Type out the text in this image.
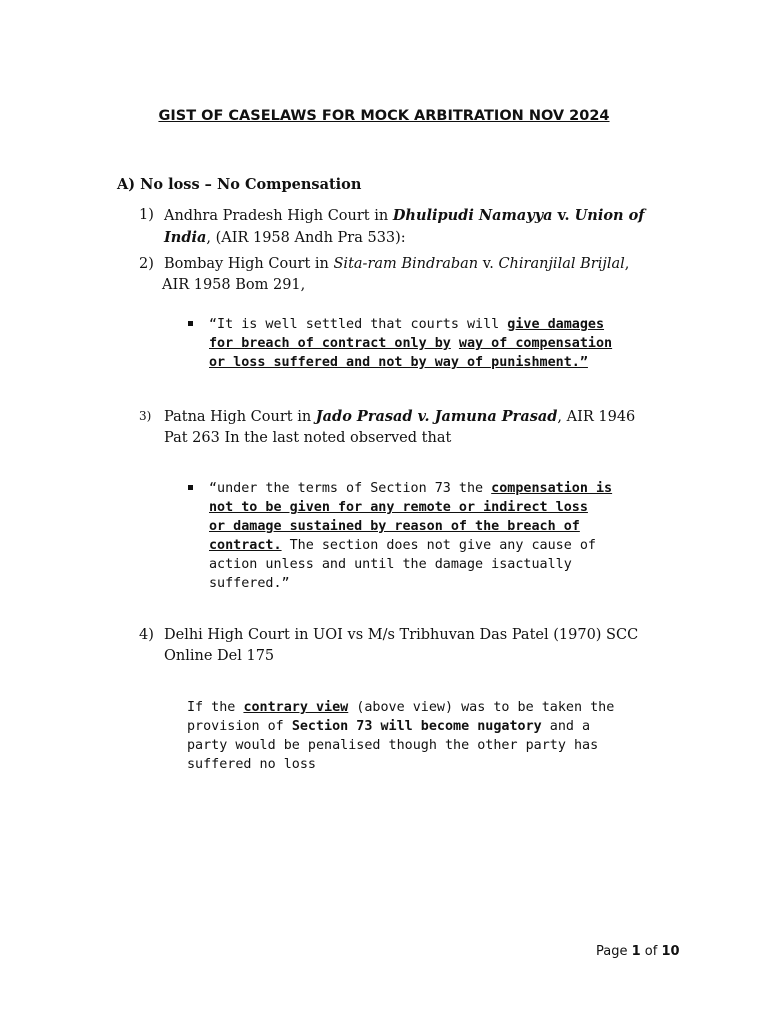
GIST OF CASELAWS FOR MOCK ARBITRATION NOV 2024
A) No loss – No Compensation
1) Andhra Pradesh High Court in Dhulipudi Namayya v. Union of
India, (AIR 1958 Andh Pra 533):
2) Bombay High Court in Sita-ram Bindraban v. Chiranjilal Brijlal,
AIR 1958 Bom 291,
“It is well settled that courts will give damages
for breach of contract only by way of compensation
or loss suffered and not by way of punishment.”
3) Patna High Court in Jado Prasad v. Jamuna Prasad, AIR 1946
Pat 263 In the last noted observed that
“under the terms of Section 73 the compensation is
not to be given for any remote or indirect loss
or damage sustained by reason of the breach of
contract. The section does not give any cause of
action unless and until the damage isactually
suffered.”
4) Delhi High Court in UOI vs M/s Tribhuvan Das Patel (1970) SCC
Online Del 175
If the contrary view (above view) was to be taken the
provision of Section 73 will become nugatory and a
party would be penalised though the other party has
suffered no loss
Page 1 of 10
